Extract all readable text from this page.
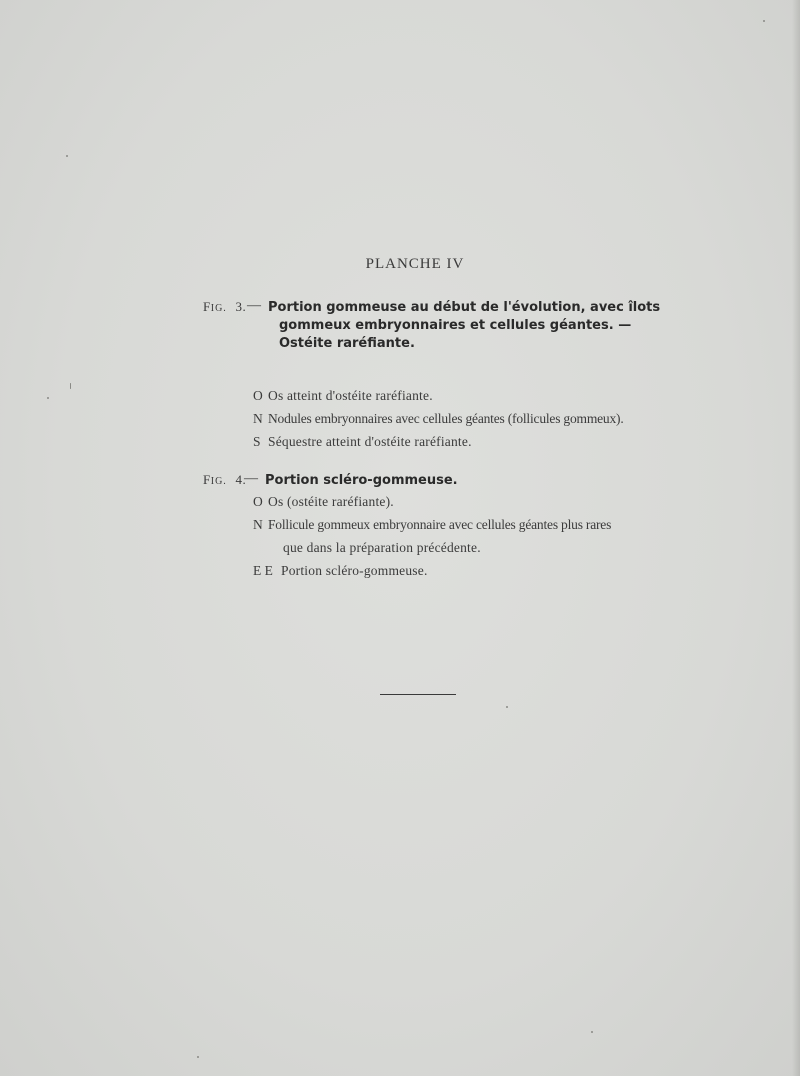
PLANCHE IV
FIG. 3. — Portion gommeuse au début de l'évolution, avec îlots
gommeux embryonnaires et cellules géantes. —
Ostéite raréfiante.
O Os atteint d'ostéite raréfiante.
N Nodules embryonnaires avec cellules géantes (follicules gommeux).
S Séquestre atteint d'ostéite raréfiante.
FIG. 4.
— Portion scléro-gommeuse.
O Os (ostéite raréfiante).
N Follicule gommeux embryonnaire avec cellules géantes plus rares
que dans la préparation précédente.
E E Portion scléro-gommeuse.
